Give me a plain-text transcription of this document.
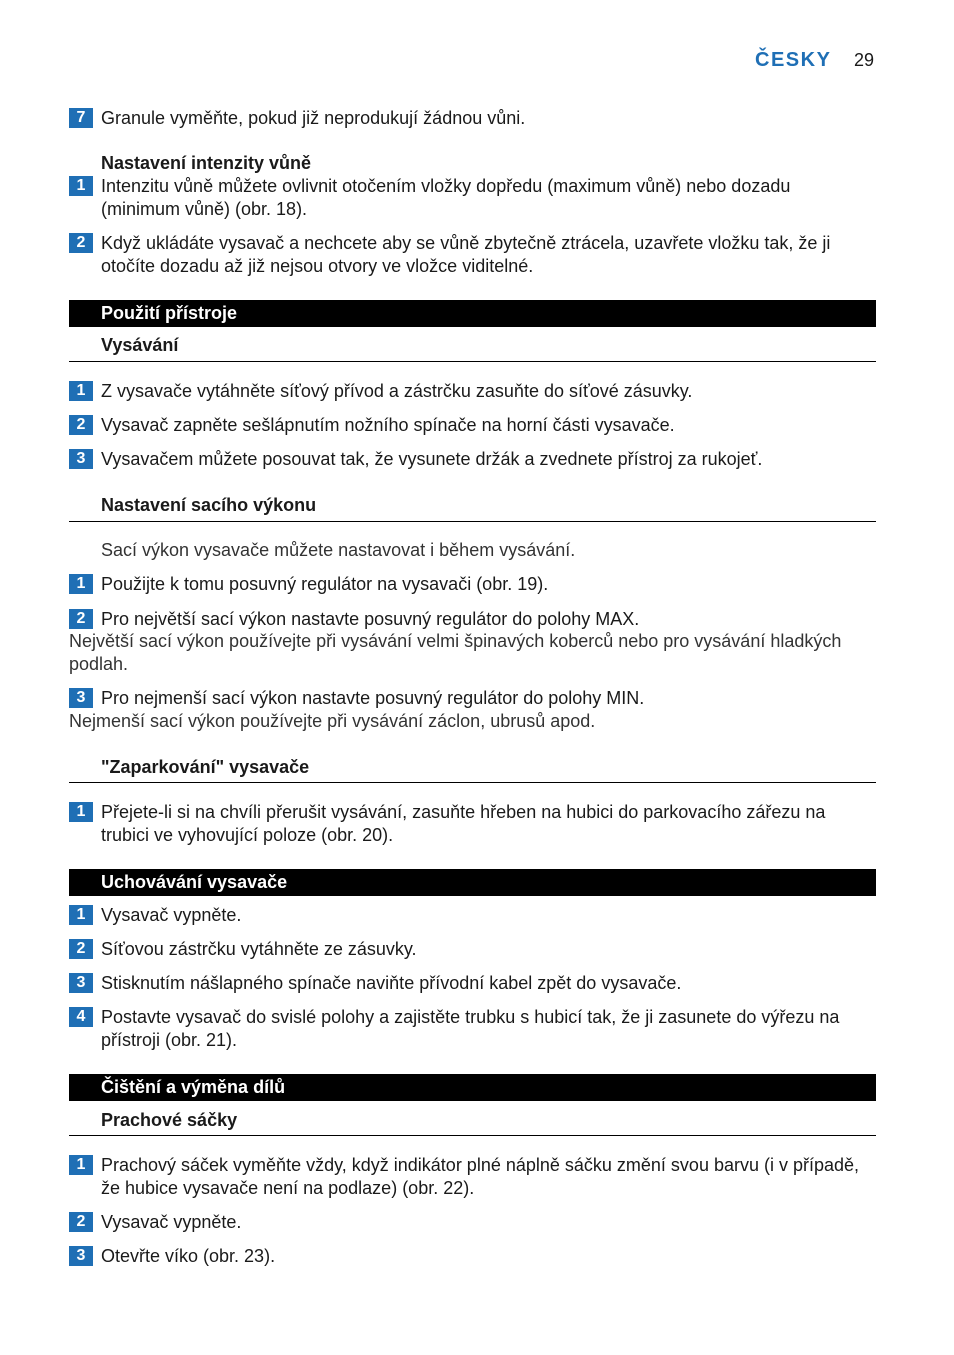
ČESKY 29
7 Granule vyměňte, pokud již neprodukují žádnou vůni.
Nastavení intenzity vůně
1 Intenzitu vůně můžete ovlivnit otočením vložky dopředu (maximum vůně) nebo dozadu (minimum vůně) (obr. 18).
2 Když ukládáte vysavač a nechcete aby se vůně zbytečně ztrácela, uzavřete vložku tak, že ji otočíte dozadu až již nejsou otvory ve vložce viditelné.
Použití přístroje
Vysávání
1 Z vysavače vytáhněte síťový přívod a zástrčku zasuňte do síťové zásuvky.
2 Vysavač zapněte sešlápnutím nožního spínače na horní části vysavače.
3 Vysavačem můžete posouvat tak, že vysunete držák a zvednete přístroj za rukojeť.
Nastavení sacího výkonu
Sací výkon vysavače můžete nastavovat i během vysávání.
1 Použijte k tomu posuvný regulátor na vysavači (obr. 19).
2 Pro největší sací výkon nastavte posuvný regulátor do polohy MAX.
Největší sací výkon používejte při vysávání velmi špinavých koberců nebo pro vysávání hladkých podlah.
3 Pro nejmenší sací výkon nastavte posuvný regulátor do polohy MIN.
Nejmenší sací výkon používejte při vysávání záclon, ubrusů apod.
"Zaparkování" vysavače
1 Přejete-li si na chvíli přerušit vysávání, zasuňte hřeben na hubici do parkovacího zářezu na trubici ve vyhovující poloze (obr. 20).
Uchovávání vysavače
1 Vysavač vypněte.
2 Síťovou zástrčku vytáhněte ze zásuvky.
3 Stisknutím nášlapného spínače naviňte přívodní kabel zpět do vysavače.
4 Postavte vysavač do svislé polohy a zajistěte trubku s hubicí tak, že ji zasunete do výřezu na přístroji (obr. 21).
Čištění a výměna dílů
Prachové sáčky
1 Prachový sáček vyměňte vždy, když indikátor plné náplně sáčku změní svou barvu (i v případě, že hubice vysavače není na podlaze) (obr. 22).
2 Vysavač vypněte.
3 Otevřte víko (obr. 23).
